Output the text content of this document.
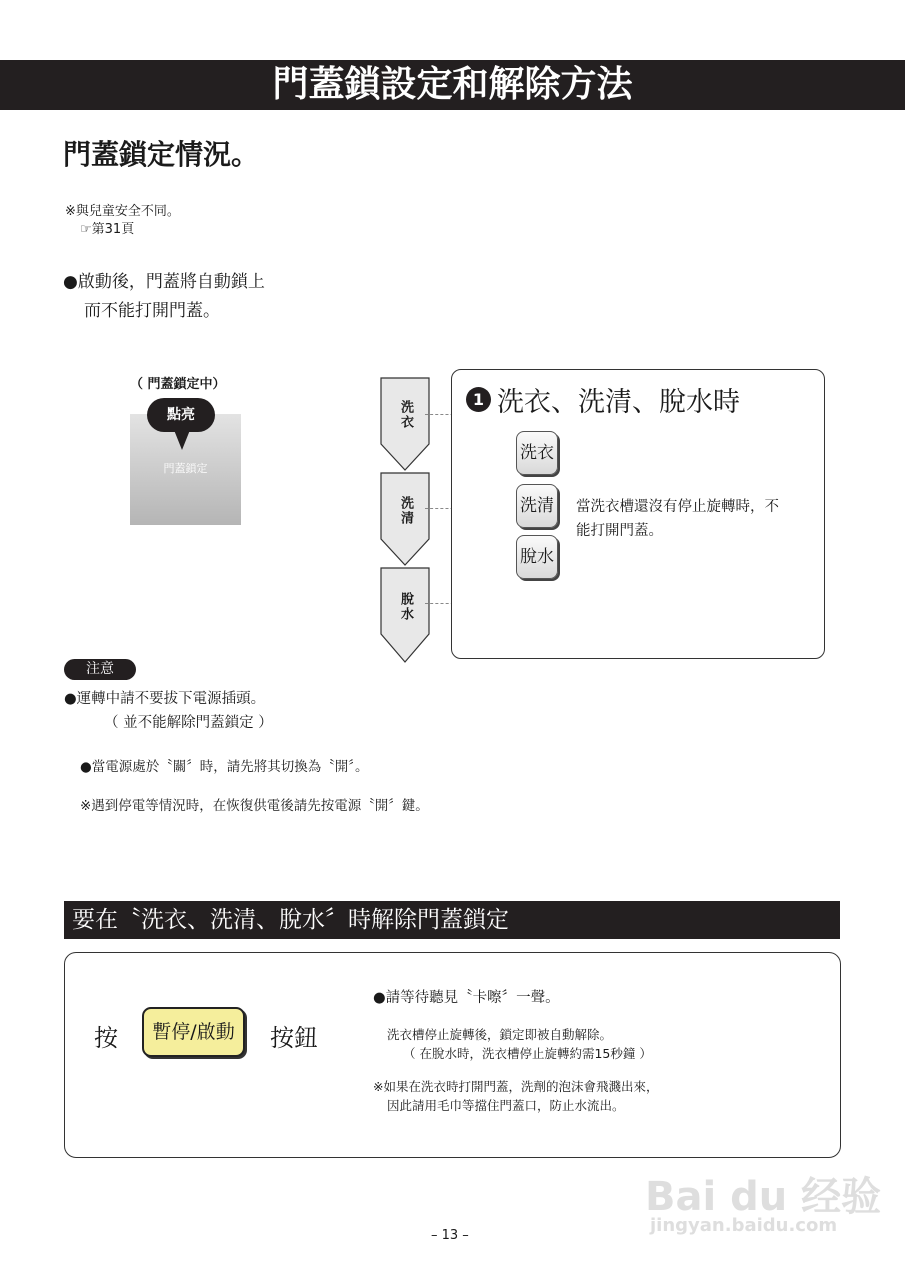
門蓋鎖設定和解除方法
門蓋鎖定情況。
※與兒童安全不同。
☞第31頁
●啟動後，門蓋將自動鎖上
而不能打開門蓋。
（ 門蓋鎖定中）
點亮
門蓋鎖定
洗衣
洗清
脫水
1 洗衣、洗清、脫水時
洗衣
洗清
脫水
當洗衣槽還沒有停止旋轉時，不
能打開門蓋。
注意
●運轉中請不要拔下電源插頭。
（ 並不能解除門蓋鎖定 ）
●當電源處於〝關〞時，請先將其切換為〝開〞。
※遇到停電等情況時，在恢復供電後請先按電源〝開〞鍵。
要在〝洗衣、洗清、脫水〞時解除門蓋鎖定
按	暫停/啟動	按鈕
●請等待聽見〝卡嚓〞一聲。
洗衣槽停止旋轉後，鎖定即被自動解除。
（ 在脫水時，洗衣槽停止旋轉約需15秒鐘 ）
※如果在洗衣時打開門蓋，洗劑的泡沫會飛濺出來，
因此請用毛巾等擋住門蓋口，防止水流出。
Bai du 经验
jingyan.baidu.com
– 13 –
